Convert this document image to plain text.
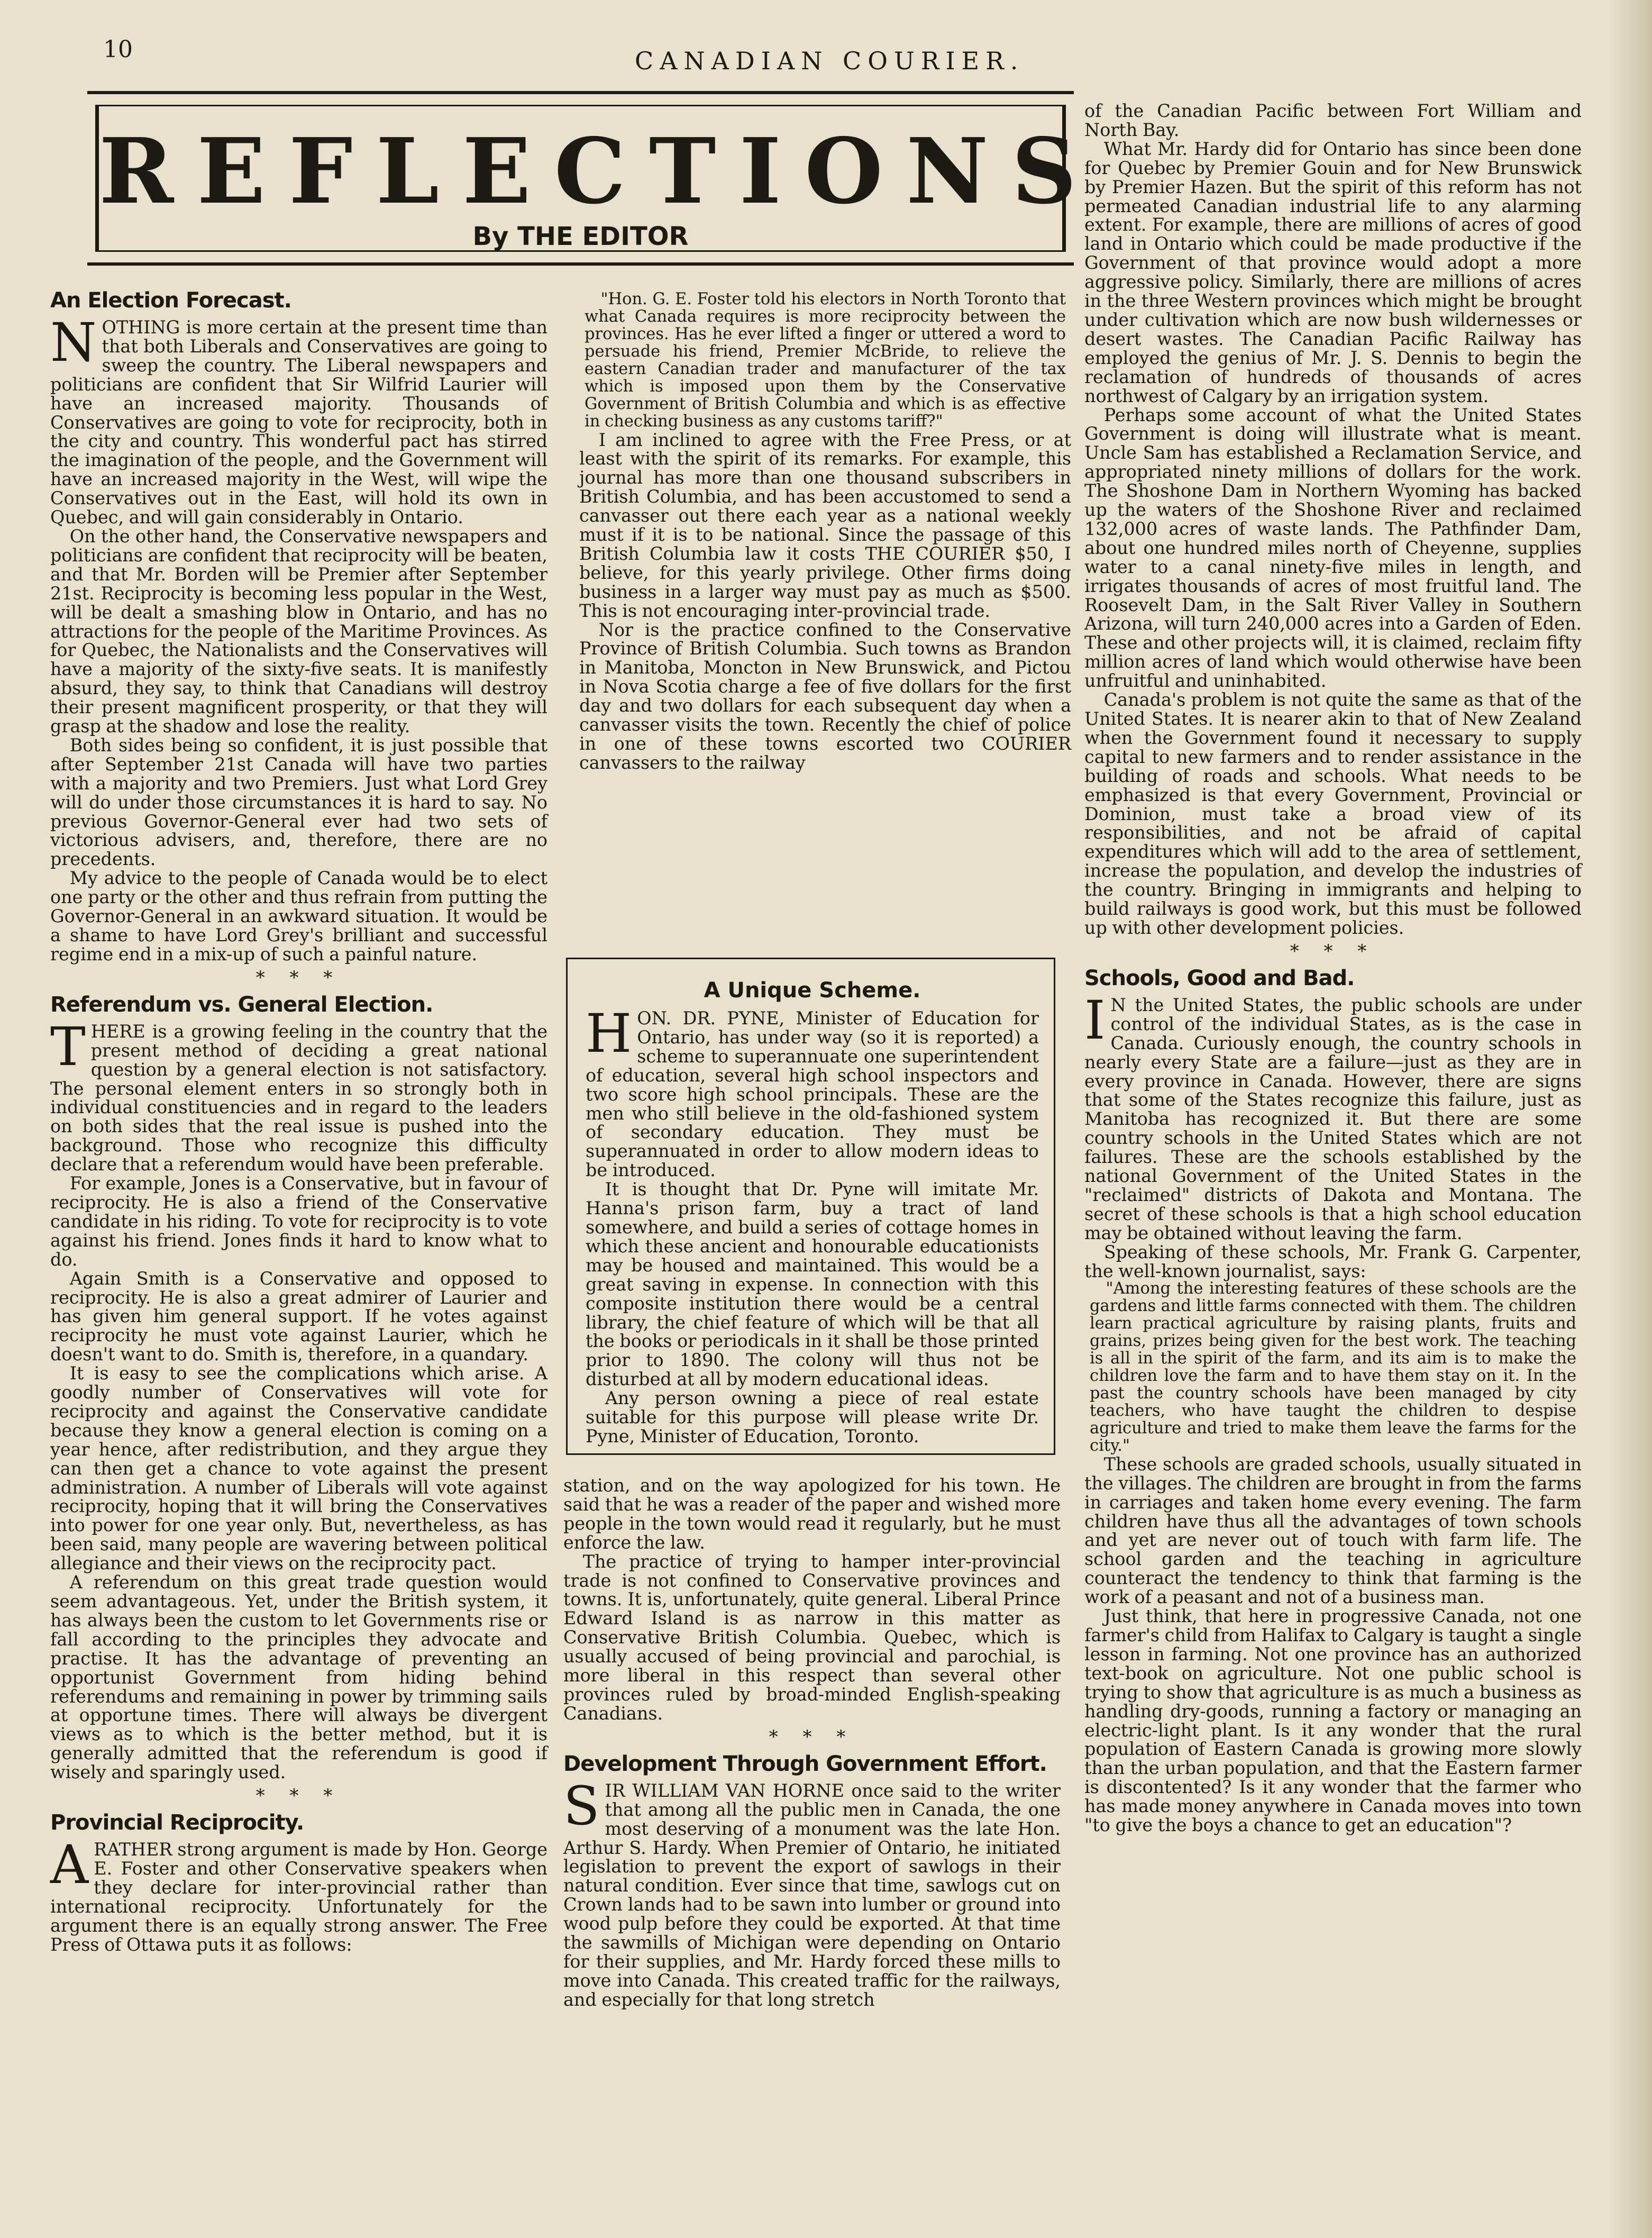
10	CANADIAN COURIER.
REFLECTIONS
By THE EDITOR
An Election Forecast.

NOTHING is more certain at the present time than that both Liberals and Conservatives are going to sweep the country. The Liberal newspapers and politicians are confident that Sir Wilfrid Laurier will have an increased majority. Thousands of Conservatives are going to vote for reciprocity, both in the city and country. This wonderful pact has stirred the imagination of the people, and the Government will have an increased majority in the West, will wipe the Conservatives out in the East, will hold its own in Quebec, and will gain considerably in Ontario.

On the other hand, the Conservative newspapers and politicians are confident that reciprocity will be beaten, and that Mr. Borden will be Premier after September 21st. Reciprocity is becoming less popular in the West, will be dealt a smashing blow in Ontario, and has no attractions for the people of the Maritime Provinces. As for Quebec, the Nationalists and the Conservatives will have a majority of the sixty-five seats. It is manifestly absurd, they say, to think that Canadians will destroy their present magnificent prosperity, or that they will grasp at the shadow and lose the reality.

Both sides being so confident, it is just possible that after September 21st Canada will have two parties with a majority and two Premiers. Just what Lord Grey will do under those circumstances it is hard to say. No previous Governor-General ever had two sets of victorious advisers, and, therefore, there are no precedents.

My advice to the people of Canada would be to elect one party or the other and thus refrain from putting the Governor-General in an awkward situation. It would be a shame to have Lord Grey's brilliant and successful regime end in a mix-up of such a painful nature.

* * *
Referendum vs. General Election.

THERE is a growing feeling in the country that the present method of deciding a great national question by a general election is not satisfactory. The personal element enters in so strongly both in individual constituencies and in regard to the leaders on both sides that the real issue is pushed into the background. Those who recognize this difficulty declare that a referendum would have been preferable.

For example, Jones is a Conservative, but in favour of reciprocity. He is also a friend of the Conservative candidate in his riding. To vote for reciprocity is to vote against his friend. Jones finds it hard to know what to do.

Again Smith is a Conservative and opposed to reciprocity. He is also a great admirer of Laurier and has given him general support. If he votes against reciprocity he must vote against Laurier, which he doesn't want to do. Smith is, therefore, in a quandary.

It is easy to see the complications which arise. A goodly number of Conservatives will vote for reciprocity and against the Conservative candidate because they know a general election is coming on a year hence, after redistribution, and they argue they can then get a chance to vote against the present administration. A number of Liberals will vote against reciprocity, hoping that it will bring the Conservatives into power for one year only. But, nevertheless, as has been said, many people are wavering between political allegiance and their views on the reciprocity pact.

A referendum on this great trade question would seem advantageous. Yet, under the British system, it has always been the custom to let Governments rise or fall according to the principles they advocate and practise. It has the advantage of preventing an opportunist Government from hiding behind referendums and remaining in power by trimming sails at opportune times. There will always be divergent views as to which is the better method, but it is generally admitted that the referendum is good if wisely and sparingly used.

* * *
Provincial Reciprocity.

ARATHER strong argument is made by Hon. George E. Foster and other Conservative speakers when they declare for inter-provincial rather than international reciprocity. Unfortunately for the argument there is an equally strong answer. The Free Press of Ottawa puts it as follows:

"Hon. G. E. Foster told his electors in North Toronto that what Canada requires is more reciprocity between the provinces. Has he ever lifted a finger or uttered a word to persuade his friend, Premier McBride, to relieve the eastern Canadian trader and manufacturer of the tax which is imposed upon them by the Conservative Government of British Columbia and which is as effective in checking business as any customs tariff?"

I am inclined to agree with the Free Press, or at least with the spirit of its remarks. For example, this journal has more than one thousand subscribers in British Columbia, and has been accustomed to send a canvasser out there each year as a national weekly must if it is to be national. Since the passage of this British Columbia law it costs THE COURIER $50, I believe, for this yearly privilege. Other firms doing business in a larger way must pay as much as $500. This is not encouraging inter-provincial trade.

Nor is the practice confined to the Conservative Province of British Columbia. Such towns as Brandon in Manitoba, Moncton in New Brunswick, and Pictou in Nova Scotia charge a fee of five dollars for the first day and two dollars for each subsequent day when a canvasser visits the town. Recently the chief of police in one of these towns escorted two COURIER canvassers to the railway

A Unique Scheme.

HON. DR. PYNE, Minister of Education for Ontario, has under way (so it is reported) a scheme to superannuate one superintendent of education, several high school inspectors and two score high school principals. These are the men who still believe in the old-fashioned system of secondary education. They must be superannuated in order to allow modern ideas to be introduced.

It is thought that Dr. Pyne will imitate Mr. Hanna's prison farm, buy a tract of land somewhere, and build a series of cottage homes in which these ancient and honourable educationists may be housed and maintained. This would be a great saving in expense. In connection with this composite institution there would be a central library, the chief feature of which will be that all the books or periodicals in it shall be those printed prior to 1890. The colony will thus not be disturbed at all by modern educational ideas.

Any person owning a piece of real estate suitable for this purpose will please write Dr. Pyne, Minister of Education, Toronto.

station, and on the way apologized for his town. He said that he was a reader of the paper and wished more people in the town would read it regularly, but he must enforce the law.

The practice of trying to hamper inter-provincial trade is not confined to Conservative provinces and towns. It is, unfortunately, quite general. Liberal Prince Edward Island is as narrow in this matter as Conservative British Columbia. Quebec, which is usually accused of being provincial and parochial, is more liberal in this respect than several other provinces ruled by broad-minded English-speaking Canadians.

* * *
Development Through Government Effort.

SIR WILLIAM VAN HORNE once said to the writer that among all the public men in Canada, the one most deserving of a monument was the late Hon. Arthur S. Hardy. When Premier of Ontario, he initiated legislation to prevent the export of sawlogs in their natural condition. Ever since that time, sawlogs cut on Crown lands had to be sawn into lumber or ground into wood pulp before they could be exported. At that time the sawmills of Michigan were depending on Ontario for their supplies, and Mr. Hardy forced these mills to move into Canada. This created traffic for the railways, and especially for that long stretch

of the Canadian Pacific between Fort William and North Bay.

What Mr. Hardy did for Ontario has since been done for Quebec by Premier Gouin and for New Brunswick by Premier Hazen. But the spirit of this reform has not permeated Canadian industrial life to any alarming extent. For example, there are millions of acres of good land in Ontario which could be made productive if the Government of that province would adopt a more aggressive policy. Similarly, there are millions of acres in the three Western provinces which might be brought under cultivation which are now bush wildernesses or desert wastes. The Canadian Pacific Railway has employed the genius of Mr. J. S. Dennis to begin the reclamation of hundreds of thousands of acres northwest of Calgary by an irrigation system.

Perhaps some account of what the United States Government is doing will illustrate what is meant. Uncle Sam has established a Reclamation Service, and appropriated ninety millions of dollars for the work. The Shoshone Dam in Northern Wyoming has backed up the waters of the Shoshone River and reclaimed 132,000 acres of waste lands. The Pathfinder Dam, about one hundred miles north of Cheyenne, supplies water to a canal ninety-five miles in length, and irrigates thousands of acres of most fruitful land. The Roosevelt Dam, in the Salt River Valley in Southern Arizona, will turn 240,000 acres into a Garden of Eden. These and other projects will, it is claimed, reclaim fifty million acres of land which would otherwise have been unfruitful and uninhabited.

Canada's problem is not quite the same as that of the United States. It is nearer akin to that of New Zealand when the Government found it necessary to supply capital to new farmers and to render assistance in the building of roads and schools. What needs to be emphasized is that every Government, Provincial or Dominion, must take a broad view of its responsibilities, and not be afraid of capital expenditures which will add to the area of settlement, increase the population, and develop the industries of the country. Bringing in immigrants and helping to build railways is good work, but this must be followed up with other development policies.

* * *
Schools, Good and Bad.

I N the United States, the public schools are under control of the individual States, as is the case in Canada. Curiously enough, the country schools in nearly every State are a failure—just as they are in every province in Canada. However, there are signs that some of the States recognize this failure, just as Manitoba has recognized it. But there are some country schools in the United States which are not failures. These are the schools established by the national Government of the United States in the "reclaimed" districts of Dakota and Montana. The secret of these schools is that a high school education may be obtained without leaving the farm.

Speaking of these schools, Mr. Frank G. Carpenter, the well-known journalist, says:

"Among the interesting features of these schools are the gardens and little farms connected with them. The children learn practical agriculture by raising plants, fruits and grains, prizes being given for the best work. The teaching is all in the spirit of the farm, and its aim is to make the children love the farm and to have them stay on it. In the past the country schools have been managed by city teachers, who have taught the children to despise agriculture and tried to make them leave the farms for the city."

These schools are graded schools, usually situated in the villages. The children are brought in from the farms in carriages and taken home every evening. The farm children have thus all the advantages of town schools and yet are never out of touch with farm life. The school garden and the teaching in agriculture counteract the tendency to think that farming is the work of a peasant and not of a business man.

Just think, that here in progressive Canada, not one farmer's child from Halifax to Calgary is taught a single lesson in farming. Not one province has an authorized text-book on agriculture. Not one public school is trying to show that agriculture is as much a business as handling dry-goods, running a factory or managing an electric-light plant. Is it any wonder that the rural population of Eastern Canada is growing more slowly than the urban population, and that the Eastern farmer is discontented? Is it any wonder that the farmer who has made money anywhere in Canada moves into town "to give the boys a chance to get an education"?
